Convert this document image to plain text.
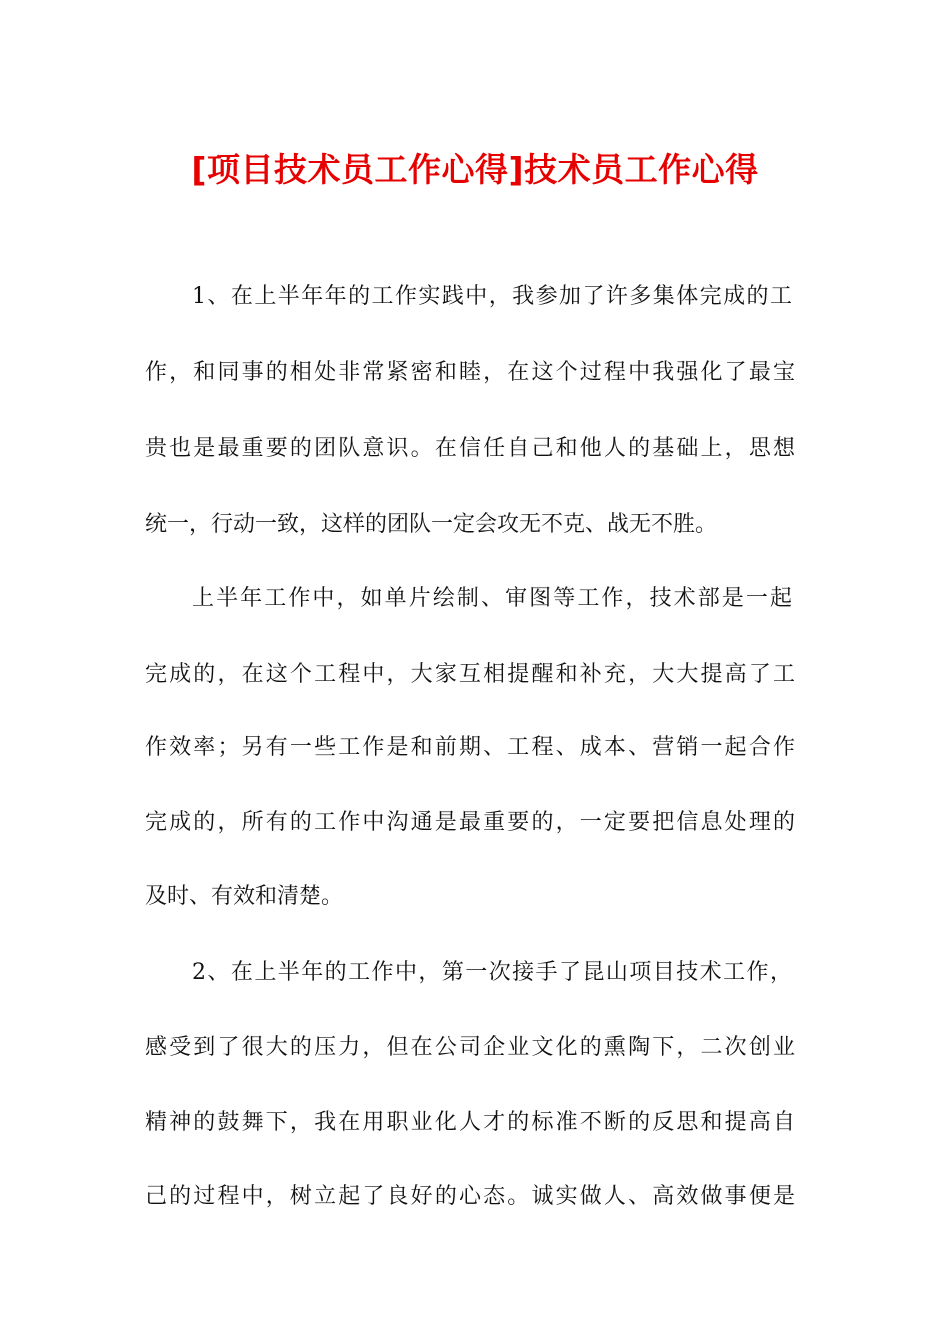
[项目技术员工作心得]技术员工作心得
1、在上半年年的工作实践中，我参加了许多集体完成的工
作，和同事的相处非常紧密和睦，在这个过程中我强化了最宝
贵也是最重要的团队意识。在信任自己和他人的基础上，思想
统一，行动一致，这样的团队一定会攻无不克、战无不胜。
上半年工作中，如单片绘制、审图等工作，技术部是一起
完成的，在这个工程中，大家互相提醒和补充，大大提高了工
作效率；另有一些工作是和前期、工程、成本、营销一起合作
完成的，所有的工作中沟通是最重要的，一定要把信息处理的
及时、有效和清楚。
2、在上半年的工作中，第一次接手了昆山项目技术工作，
感受到了很大的压力，但在公司企业文化的熏陶下，二次创业
精神的鼓舞下，我在用职业化人才的标准不断的反思和提高自
己的过程中，树立起了良好的心态。诚实做人、高效做事便是
